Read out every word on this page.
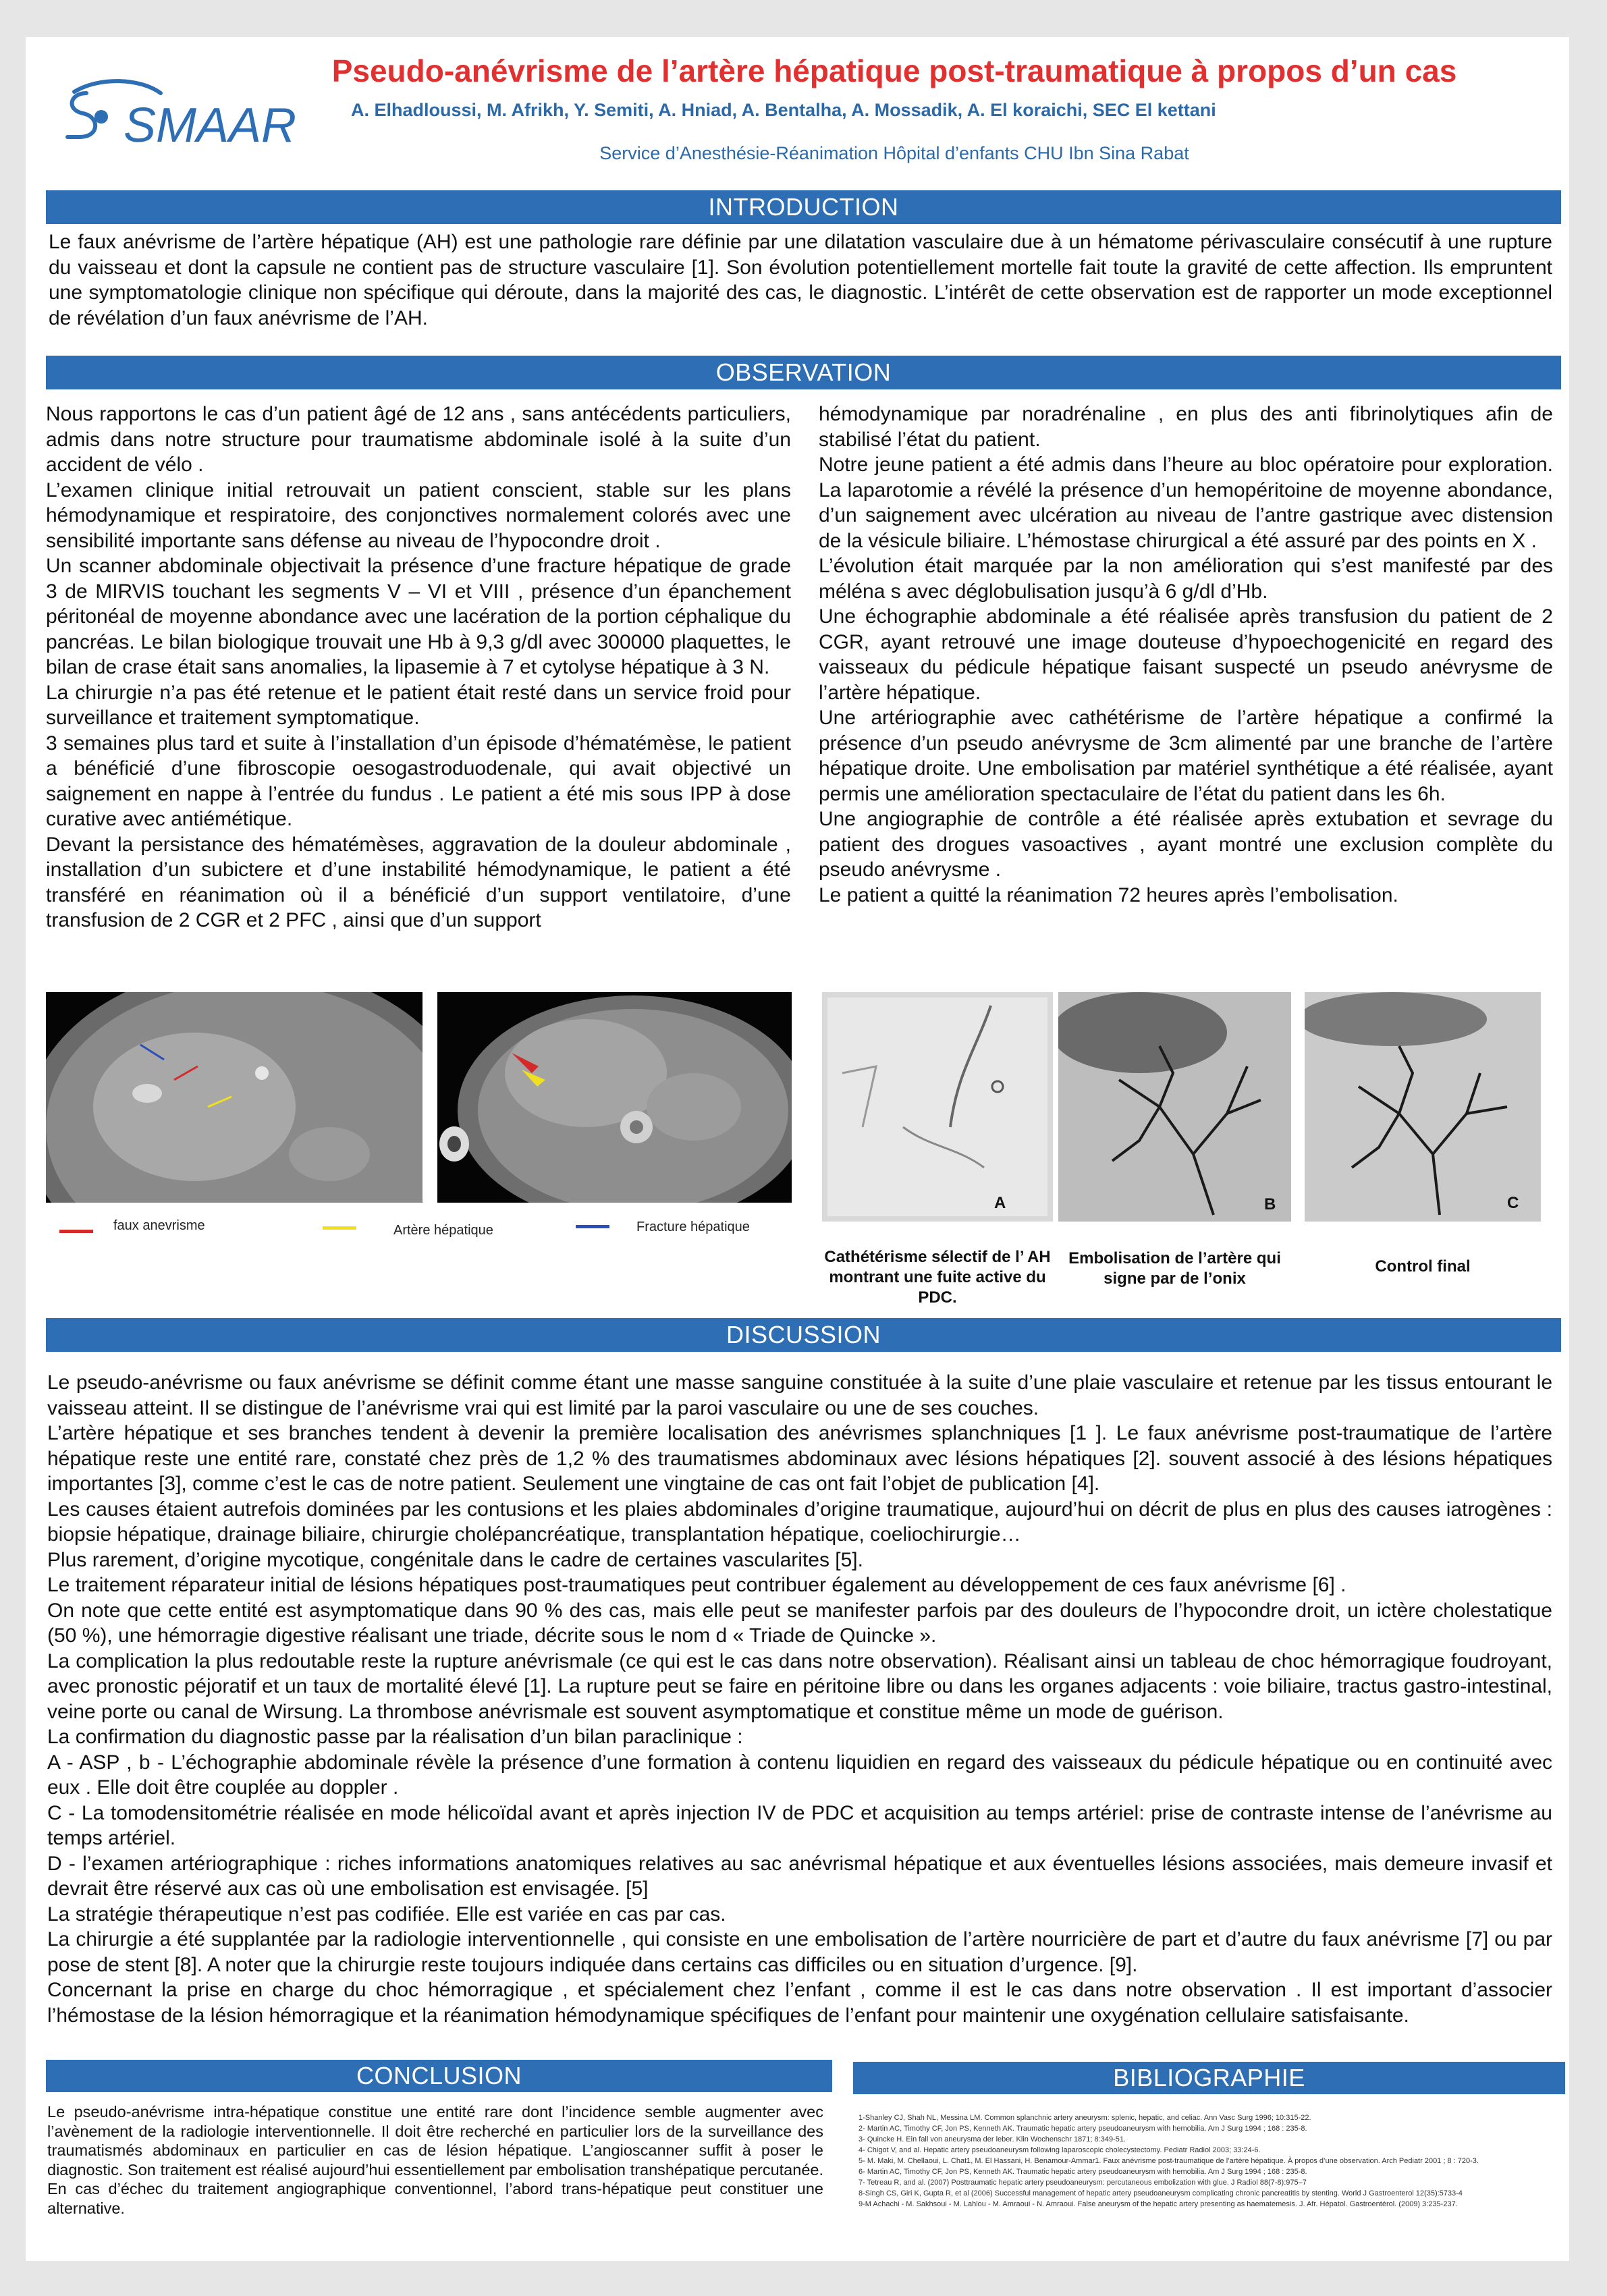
SMAAR
Pseudo-anévrisme de l’artère hépatique post-traumatique à propos d’un cas
A. Elhadloussi, M. Afrikh, Y. Semiti, A. Hniad, A. Bentalha, A. Mossadik, A. El koraichi, SEC El kettani
Service d’Anesthésie-Réanimation Hôpital d’enfants CHU Ibn Sina Rabat
INTRODUCTION
Le faux anévrisme de l’artère hépatique (AH) est une pathologie rare définie par une dilatation vasculaire due à un hématome périvasculaire consécutif à une rupture du vaisseau et dont la capsule ne contient pas de structure vasculaire [1]. Son évolution potentiellement mortelle fait toute la gravité de cette affection. Ils empruntent une symptomatologie clinique non spécifique qui déroute, dans la majorité des cas, le diagnostic. L’intérêt de cette observation est de rapporter un mode exceptionnel de révélation d’un faux anévrisme de l’AH.
OBSERVATION

Nous rapportons le cas d’un patient âgé de 12 ans , sans antécédents particuliers, admis dans notre structure pour traumatisme abdominale isolé à la suite d’un accident de vélo .

L’examen clinique initial retrouvait un patient conscient, stable sur les plans hémodynamique et respiratoire, des conjonctives normalement colorés avec une sensibilité importante sans défense au niveau de l’hypocondre droit .

Un scanner abdominale objectivait la présence d’une fracture hépatique de grade 3 de MIRVIS touchant les segments V – VI et VIII , présence d’un épanchement péritonéal de moyenne abondance avec une lacération de la portion céphalique du pancréas. Le bilan biologique trouvait une Hb à 9,3 g/dl avec 300000 plaquettes, le bilan de crase était sans anomalies, la lipasemie à 7 et cytolyse hépatique à 3 N.

La chirurgie n’a pas été retenue et le patient était resté dans un service froid pour surveillance et traitement symptomatique.

3 semaines plus tard et suite à l’installation d’un épisode d’hématémèse, le patient a bénéficié d’une fibroscopie oesogastroduodenale, qui avait objectivé un saignement en nappe à l’entrée du fundus . Le patient a été mis sous IPP à dose curative avec antiémétique.

Devant la persistance des hématémèses, aggravation de la douleur abdominale , installation d’un subictere et d’une instabilité hémodynamique, le patient a été transféré en réanimation où il a bénéficié d’un support ventilatoire, d’une transfusion de 2 CGR et 2 PFC , ainsi que d’un support

hémodynamique par noradrénaline , en plus des anti fibrinolytiques afin de stabilisé l’état du patient.

Notre jeune patient a été admis dans l’heure au bloc opératoire pour exploration. La laparotomie a révélé la présence d’un hemopéritoine de moyenne abondance, d’un saignement avec ulcération au niveau de l’antre gastrique avec distension de la vésicule biliaire. L’hémostase chirurgical a été assuré par des points en X .

L’évolution était marquée par la non amélioration qui s’est manifesté par des méléna s avec déglobulisation jusqu’à 6 g/dl d’Hb.

Une échographie abdominale a été réalisée après transfusion du patient de 2 CGR, ayant retrouvé une image douteuse d’hypoechogenicité en regard des vaisseaux du pédicule hépatique faisant suspecté un pseudo anévrysme de l’artère hépatique.

Une artériographie avec cathétérisme de l’artère hépatique a confirmé la présence d’un pseudo anévrysme de 3cm alimenté par une branche de l’artère hépatique droite. Une embolisation par matériel synthétique a été réalisée, ayant permis une amélioration spectaculaire de l’état du patient dans les 6h.

Une angiographie de contrôle a été réalisée après extubation et sevrage du patient des drogues vasoactives , ayant montré une exclusion complète du pseudo anévrysme .

Le patient a quitté la réanimation 72 heures après l’embolisation.

faux anevrisme	Artère hépatique	Fracture hépatique
A	B	C
Cathétérisme sélectif de l’ AH montrant une fuite active du PDC.
Embolisation de l’artère qui signe par de l’onix
Control final
DISCUSSION

Le pseudo-anévrisme ou faux anévrisme se définit comme étant une masse sanguine constituée à la suite d’une plaie vasculaire et retenue par les tissus entourant le vaisseau atteint. Il se distingue de l’anévrisme vrai qui est limité par la paroi vasculaire ou une de ses couches.

L’artère hépatique et ses branches tendent à devenir la première localisation des anévrismes splanchniques [1 ]. Le faux anévrisme post-traumatique de l’artère hépatique reste une entité rare, constaté chez près de 1,2 % des traumatismes abdominaux avec lésions hépatiques [2]. souvent associé à des lésions hépatiques importantes [3], comme c’est le cas de notre patient. Seulement une vingtaine de cas ont fait l’objet de publication [4].

Les causes étaient autrefois dominées par les contusions et les plaies abdominales d’origine traumatique, aujourd’hui on décrit de plus en plus des causes iatrogènes : biopsie hépatique, drainage biliaire, chirurgie cholépancréatique, transplantation hépatique, coeliochirurgie…

Plus rarement, d’origine mycotique, congénitale dans le cadre de certaines vascularites [5].

Le traitement réparateur initial de lésions hépatiques post-traumatiques peut contribuer également au développement de ces faux anévrisme [6] .

On note que cette entité est asymptomatique dans 90 % des cas, mais elle peut se manifester parfois par des douleurs de l’hypocondre droit, un ictère cholestatique (50 %), une hémorragie digestive réalisant une triade, décrite sous le nom d « Triade de Quincke ».

La complication la plus redoutable reste la rupture anévrismale (ce qui est le cas dans notre observation). Réalisant ainsi un tableau de choc hémorragique foudroyant, avec pronostic péjoratif et un taux de mortalité élevé [1]. La rupture peut se faire en péritoine libre ou dans les organes adjacents : voie biliaire, tractus gastro-intestinal, veine porte ou canal de Wirsung. La thrombose anévrismale est souvent asymptomatique et constitue même un mode de guérison.

La confirmation du diagnostic passe par la réalisation d’un bilan paraclinique :

A - ASP , b - L’échographie abdominale révèle la présence d’une formation à contenu liquidien en regard des vaisseaux du pédicule hépatique ou en continuité avec eux . Elle doit être couplée au doppler .

C - La tomodensitométrie réalisée en mode hélicoïdal avant et après injection IV de PDC et acquisition au temps artériel: prise de contraste intense de l’anévrisme au temps artériel.

D - l’examen artériographique : riches informations anatomiques relatives au sac anévrismal hépatique et aux éventuelles lésions associées, mais demeure invasif et devrait être réservé aux cas où une embolisation est envisagée. [5]

La stratégie thérapeutique n’est pas codifiée. Elle est variée en cas par cas.

La chirurgie a été supplantée par la radiologie interventionnelle , qui consiste en une embolisation de l’artère nourricière de part et d’autre du faux anévrisme [7] ou par pose de stent [8]. A noter que la chirurgie reste toujours indiquée dans certains cas difficiles ou en situation d’urgence. [9].

Concernant la prise en charge du choc hémorragique , et spécialement chez l’enfant , comme il est le cas dans notre observation . Il est important d’associer l’hémostase de la lésion hémorragique et la réanimation hémodynamique spécifiques de l’enfant pour maintenir une oxygénation cellulaire satisfaisante.

CONCLUSION
Le pseudo-anévrisme intra-hépatique constitue une entité rare dont l’incidence semble augmenter avec l’avènement de la radiologie interventionnelle. Il doit être recherché en particulier lors de la surveillance des traumatismés abdominaux en particulier en cas de lésion hépatique. L’angioscanner suffit à poser le diagnostic. Son traitement est réalisé aujourd’hui essentiellement par embolisation transhépatique percutanée. En cas d’échec du traitement angiographique conventionnel, l’abord trans-hépatique peut constituer une alternative.
BIBLIOGRAPHIE
1-Shanley CJ, Shah NL, Messina LM. Common splanchnic artery aneurysm: splenic, hepatic, and celiac. Ann Vasc Surg 1996; 10:315-22.
2- Martin AC, Timothy CF, Jon PS, Kenneth AK. Traumatic hepatic artery pseudoaneurysm with hemobilia. Am J Surg 1994 ; 168 : 235-8.
3- Quincke H. Ein fall von aneurysma der leber. Klin Wochenschr 1871; 8:349-51.
4- Chigot V, and al. Hepatic artery pseudoaneurysm following laparoscopic cholecystectomy. Pediatr Radiol 2003; 33:24-6.
5- M. Maki, M. Chellaoui, L. Chat1, M. El Hassani, H. Benamour-Ammar1. Faux anévrisme post-traumatique de l’artère hépatique. À propos d’une observation. Arch Pediatr 2001 ; 8 : 720-3.
6- Martin AC, Timothy CF, Jon PS, Kenneth AK. Traumatic hepatic artery pseudoaneurysm with hemobilia. Am J Surg 1994 ; 168 : 235-8.
7- Tetreau R, and al. (2007) Posttraumatic hepatic artery pseudoaneurysm: percutaneous embolization with glue. J Radiol 88(7-8):975–7
8-Singh CS, Giri K, Gupta R, et al (2006) Successful management of hepatic artery pseudoaneurysm complicating chronic pancreatitis by stenting. World J Gastroenterol 12(35):5733-4
9-M Achachi - M. Sakhsoui - M. Lahlou - M. Amraoui - N. Amraoui. False aneurysm of the hepatic artery presenting as haematemesis. J. Afr. Hépatol. Gastroentérol. (2009) 3:235-237.
